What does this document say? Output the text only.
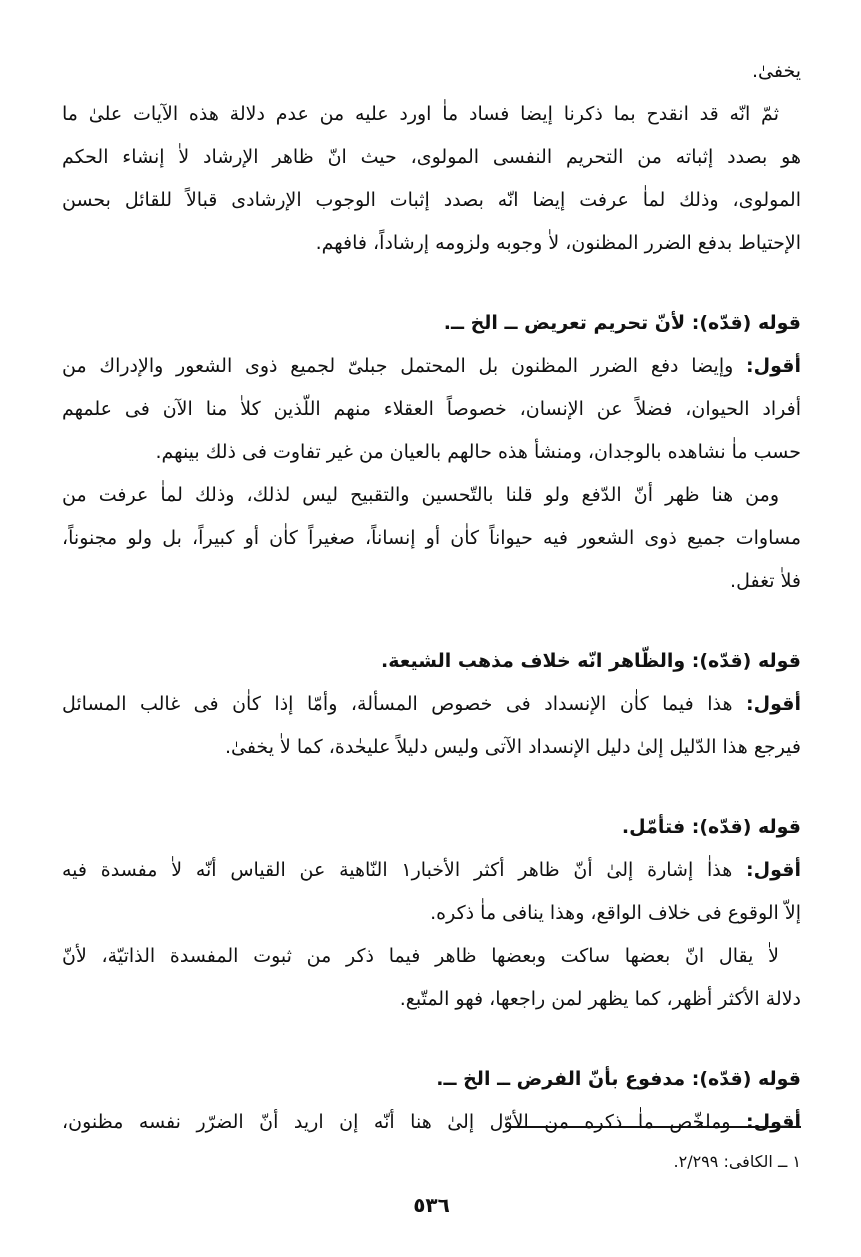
يخفىٰ.
ثمّ انّه قد انقدح بما ذكرنا إيضا فساد ماٰ اورد عليه من عدم دلالة هذه الآيات علىٰ ما
هو بصدد إثباته من التحريم النفسى المولوى، حيث انّ ظاهر الإرشاد لاٰ إنشاء الحكم
المولوى، وذلك لماٰ عرفت إيضا انّه بصدد إثبات الوجوب الإرشادى قبالاً للقائل بحسن
الإحتياط بدفع الضرر المظنون، لاٰ وجوبه ولزومه إرشاداً، فافهم.
قوله (قدّه): لأنّ تحريم تعريض ــ الخ ــ.
أقول: وإيضا دفع الضرر المظنون بل المحتمل جبلىّ لجميع ذوى الشعور والإدراك من
أفراد الحيوان، فضلاً عن الإنسان، خصوصاً العقلاء منهم اللّذين كلاٰ منا الآن فى علمهم
حسب ماٰ نشاهده بالوجدان، ومنشأ هذه حالهم بالعيان من غير تفاوت فى ذلك بينهم.
ومن هنا ظهر أنّ الدّفع ولو قلنا بالتّحسين والتقبيح ليس لذلك، وذلك لماٰ عرفت من
مساوات جميع ذوى الشعور فيه حيواناً كاٰن أو إنساناً، صغيراً كاٰن أو كبيراً، بل ولو مجنوناً،
فلاٰ تغفل.
قوله (قدّه): والظّاهر انّه خلاف مذهب الشيعة.
أقول: هذا فيما كاٰن الإنسداد فى خصوص المسألة، وأمّا إذا كاٰن فى غالب المسائل
فيرجع هذا الدّليل إلىٰ دليل الإنسداد الآتى وليس دليلاً عليحٰدة، كما لاٰ يخفىٰ.
قوله (قدّه): فتأمّل.
أقول: هذاٰ إشارة إلىٰ أنّ ظاهر أكثر الأخبار١ النّاهية عن القياس أنّه لاٰ مفسدة فيه
إلاّ الوقوع فى خلاف الواقع، وهذا ينافى ماٰ ذكره.
لاٰ يقال انّ بعضها ساكت وبعضها ظاهر فيما ذكر من ثبوت المفسدة الذاتيّة، لأنّ
دلالة الأكثر أظهر، كما يظهر لمن راجعها، فهو المتّبع.
قوله (قدّه): مدفوع بأنّ الفرض ــ الخ ــ.
أقول: وملخّص ماٰ ذكره من الأوّل إلىٰ هنا أنّه إن اريد أنّ الضرّر نفسه مظنون،
١ ــ الكافى: ٢/٢٩٩.
٥٣٦
